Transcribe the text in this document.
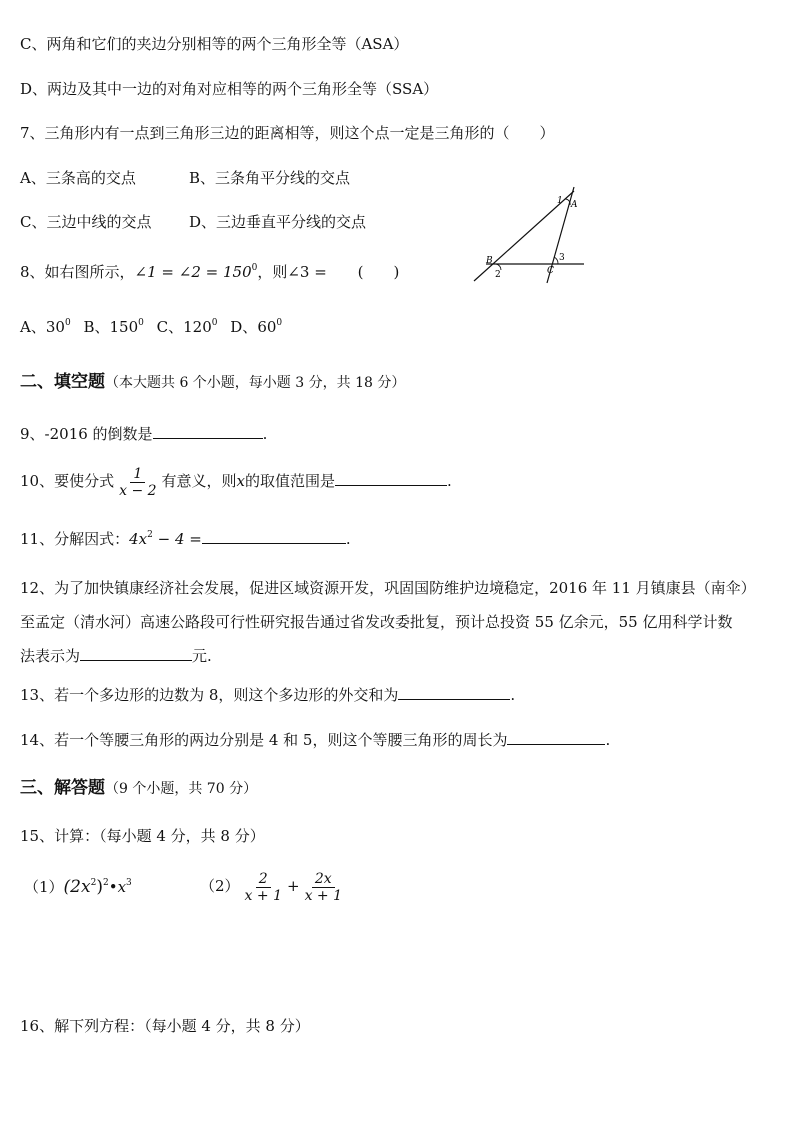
C、两角和它们的夹边分别相等的两个三角形全等（ASA）
D、两边及其中一边的对角对应相等的两个三角形全等（SSA）
7、三角形内有一点到三角形三边的距离相等，则这个点一定是三角形的（　　）
A、三条高的交点	B、三条角平分线的交点
C、三边中线的交点	D、三边垂直平分线的交点
8、如右图所示，∠1 = ∠2 = $150^0$，则∠3 = (　　)
1 A
B
2	C
3
A、$30^0$ B、$150^0$ C、$120^0$ D、$60^0$
二、填空题（本大题共 6 个小题，每小题 3 分，共 18 分）
9、-2016 的倒数是	.
10、要使分式 $\frac{1}{x - 2}$ 有意义，则x的取值范围是	.
11、分解因式：$4x^2 - 4$ =	.
12、为了加快镇康经济社会发展，促进区域资源开发，巩固国防维护边境稳定，2016 年 11 月镇康县（南伞）
至孟定（清水河）高速公路段可行性研究报告通过省发改委批复，预计总投资 55 亿余元，55 亿用科学计数
法表示为	元.
13、若一个多边形的边数为 8，则这个多边形的外交和为	.
14、若一个等腰三角形的两边分别是 4 和 5，则这个等腰三角形的周长为	.
三、解答题（9 个小题，共 70 分）
15、计算：（每小题 4 分，共 8 分）
$(1)(2x^2)^2•x^3$	$(2) \frac{2}{x + 1} + \frac{2x}{x + 1}$
16、解下列方程：（每小题 4 分，共 8 分）
